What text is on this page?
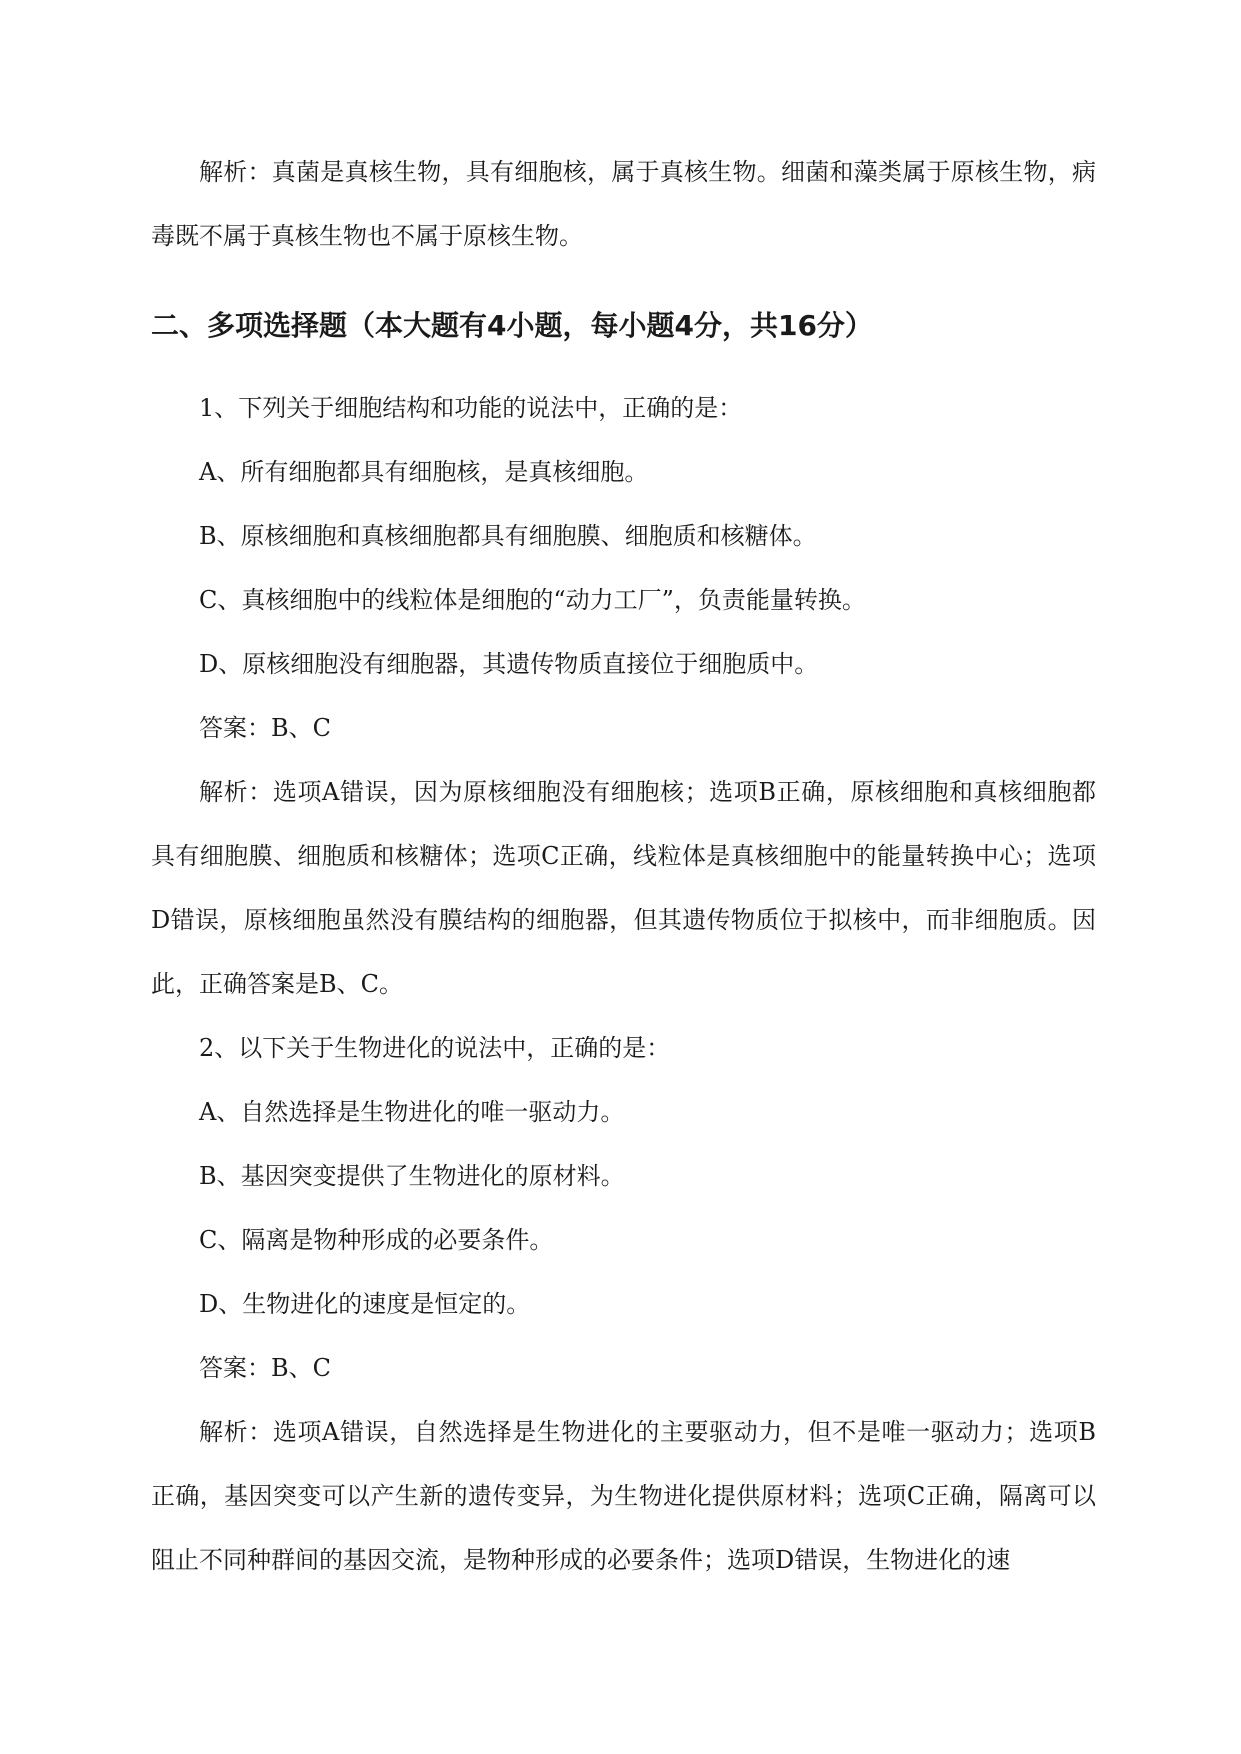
解析：真菌是真核生物，具有细胞核，属于真核生物。细菌和藻类属于原核生物，病毒既不属于真核生物也不属于原核生物。

二、多项选择题（本大题有4小题，每小题4分，共16分）

1、下列关于细胞结构和功能的说法中，正确的是：

A、所有细胞都具有细胞核，是真核细胞。

B、原核细胞和真核细胞都具有细胞膜、细胞质和核糖体。

C、真核细胞中的线粒体是细胞的“动力工厂”，负责能量转换。

D、原核细胞没有细胞器，其遗传物质直接位于细胞质中。

答案：B、C

解析：选项A错误，因为原核细胞没有细胞核；选项B正确，原核细胞和真核细胞都具有细胞膜、细胞质和核糖体；选项C正确，线粒体是真核细胞中的能量转换中心；选项D错误，原核细胞虽然没有膜结构的细胞器，但其遗传物质位于拟核中，而非细胞质。因此，正确答案是B、C。

2、以下关于生物进化的说法中，正确的是：

A、自然选择是生物进化的唯一驱动力。

B、基因突变提供了生物进化的原材料。

C、隔离是物种形成的必要条件。

D、生物进化的速度是恒定的。

答案：B、C

解析：选项A错误，自然选择是生物进化的主要驱动力，但不是唯一驱动力；选项B正确，基因突变可以产生新的遗传变异，为生物进化提供原材料；选项C正确，隔离可以阻止不同种群间的基因交流，是物种形成的必要条件；选项D错误，生物进化的速
